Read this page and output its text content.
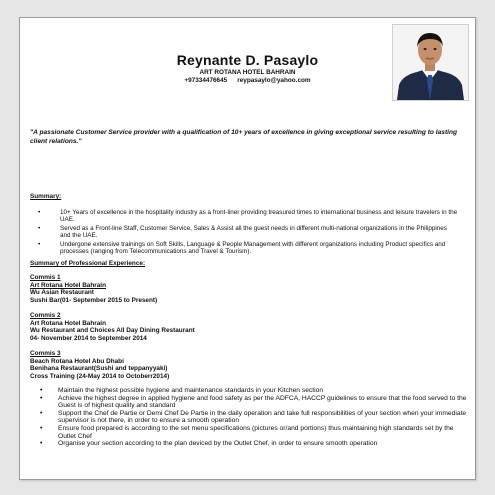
Reynante D. Pasaylo
ART ROTANA HOTEL BAHRAIN
+97334476645 reypasaylo@yahoo.com
"A passionate Customer Service provider with a qualification of 10+ years of excellence in giving exceptional service resulting to lasting client relations."
Summary:
• 10+ Years of excellence in the hospitality industry as a front-liner providing treasured times to international business and leisure travelers in the UAE.
• Served as a Front-line Staff, Customer Service, Sales & Assist all the guest needs in different multi-national organizations in the Philippines and the UAE.
• Undergone extensive trainings on Soft Skills, Language & People Management with different organizations including Product specifics and processes (ranging from Telecommunications and Travel & Tourism).
Summary of Professional Experience:
Commis 1
Art Rotana Hotel Bahrain
Wu Asian Restaurant
Sushi Bar(01- September 2015 to Present)
Commis 2
Art Rotana Hotel Bahrain
Wu Restaurant and Choices All Day Dining Restaurant
04- November 2014 to September 2014
Commis 3
Beach Rotana Hotel Abu Dhabi
Benihana Restaurant(Sushi and teppanyyaki)
Cross Training (24-May 2014 to Octoberr2014)
• Maintain the highest possible hygiene and maintenance standards in your Kitchen section
• Achieve the highest degree in applied hygiene and food safety as per the ADFCA, HACCP guidelines to ensure that the food served to the Guest is of highest quality and standard
• Support the Chef de Partie or Demi Chef De Partie in the daily operation and take full responsibilities of your section when your immediate supervisor is not there, in order to ensure a smooth operation
• Ensure food prepared is according to the set menu specifications (pictures or/and portions) thus maintaining high standards set by the Outlet Chef
• Organise your section according to the plan deviced by the Outlet Chef, in order to ensure smooth operation
